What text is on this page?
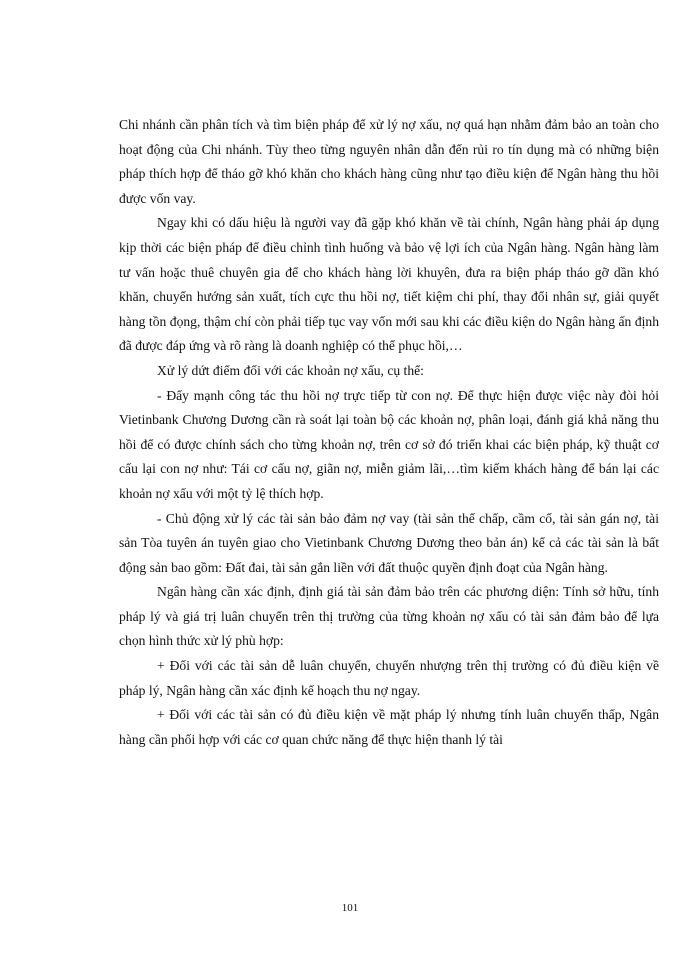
Chi nhánh cần phân tích và tìm biện pháp để xử lý nợ xấu, nợ quá hạn nhằm đảm bảo an toàn cho hoạt động của Chi nhánh. Tùy theo từng nguyên nhân dẫn đến rủi ro tín dụng mà có những biện pháp thích hợp để tháo gỡ khó khăn cho khách hàng cũng như tạo điều kiện để Ngân hàng thu hồi được vốn vay.

Ngay khi có dấu hiệu là người vay đã gặp khó khăn về tài chính, Ngân hàng phải áp dụng kịp thời các biện pháp để điều chỉnh tình huống và bảo vệ lợi ích của Ngân hàng. Ngân hàng làm tư vấn hoặc thuê chuyên gia để cho khách hàng lời khuyên, đưa ra biện pháp tháo gỡ dần khó khăn, chuyển hướng sản xuất, tích cực thu hồi nợ, tiết kiệm chi phí, thay đổi nhân sự, giải quyết hàng tồn đọng, thậm chí còn phải tiếp tục vay vốn mới sau khi các điều kiện do Ngân hàng ấn định đã được đáp ứng và rõ ràng là doanh nghiệp có thể phục hồi,…

Xử lý dứt điểm đối với các khoản nợ xấu, cụ thể:

- Đẩy mạnh công tác thu hồi nợ trực tiếp từ con nợ. Để thực hiện được việc này đòi hỏi Vietinbank Chương Dương cần rà soát lại toàn bộ các khoản nợ, phân loại, đánh giá khả năng thu hồi để có được chính sách cho từng khoản nợ, trên cơ sở đó triển khai các biện pháp, kỹ thuật cơ cấu lại con nợ như: Tái cơ cấu nợ, giãn nợ, miễn giảm lãi,…tìm kiếm khách hàng để bán lại các khoản nợ xấu với một tỷ lệ thích hợp.

- Chủ động xử lý các tài sản bảo đảm nợ vay (tài sản thế chấp, cầm cố, tài sản gán nợ, tài sản Tòa tuyên án tuyên giao cho Vietinbank Chương Dương theo bản án) kể cả các tài sản là bất động sản bao gồm: Đất đai, tài sản gắn liền với đất thuộc quyền định đoạt của Ngân hàng.

Ngân hàng cần xác định, định giá tài sản đảm bảo trên các phương diện: Tính sở hữu, tính pháp lý và giá trị luân chuyển trên thị trường của từng khoản nợ xấu có tài sản đảm bảo để lựa chọn hình thức xử lý phù hợp:

+ Đối với các tài sản dễ luân chuyển, chuyển nhượng trên thị trường có đủ điều kiện về pháp lý, Ngân hàng cần xác định kế hoạch thu nợ ngay.

+ Đối với các tài sản có đủ điều kiện về mặt pháp lý nhưng tính luân chuyển thấp, Ngân hàng cần phối hợp với các cơ quan chức năng để thực hiện thanh lý tài

101
